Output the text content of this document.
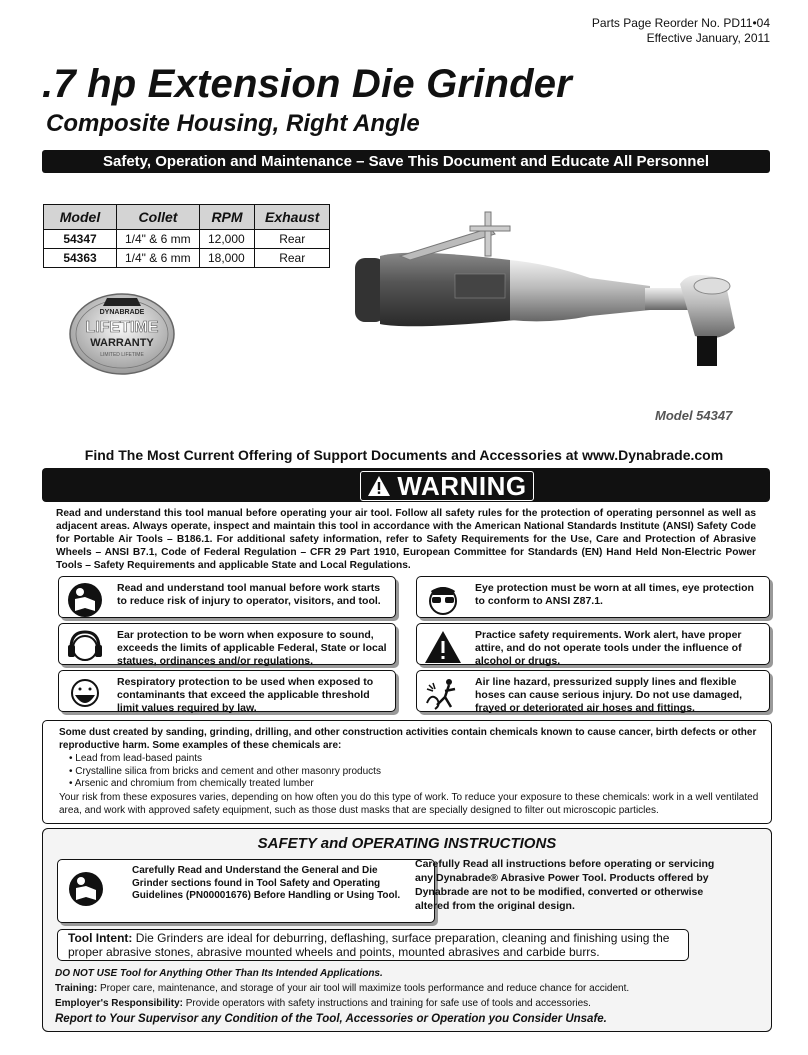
Parts Page Reorder No. PD11•04
Effective January, 2011
.7 hp Extension Die Grinder
Composite Housing, Right Angle
Safety, Operation and Maintenance – Save This Document and Educate All Personnel
Model	Collet	RPM	Exhaust
54347	1/4" & 6 mm	12,000	Rear
54363	1/4" & 6 mm	18,000	Rear
DYNABRADE
LIFETIME
WARRANTY
LIMITED LIFETIME
Model 54347
Find The Most Current Offering of Support Documents and Accessories at www.Dynabrade.com
WARNING
Read and understand this tool manual before operating your air tool. Follow all safety rules for the protection of operating personnel as well as adjacent areas. Always operate, inspect and maintain this tool in accordance with the American National Standards Institute (ANSI) Safety Code for Portable Air Tools – B186.1. For additional safety information, refer to Safety Requirements for the Use, Care and Protection of Abrasive Wheels – ANSI B7.1, Code of Federal Regulation – CFR 29 Part 1910, European Committee for Standards (EN) Hand Held Non-Electric Power Tools – Safety Requirements and applicable State and Local Regulations.
Read and understand tool manual before work starts to reduce risk of injury to operator, visitors, and tool.
Eye protection must be worn at all times, eye protection to conform to ANSI Z87.1.
Ear protection to be worn when exposure to sound, exceeds the limits of applicable Federal, State or local statues, ordinances and/or regulations.
Practice safety requirements. Work alert, have proper attire, and do not operate tools under the influence of alcohol or drugs.
Respiratory protection to be used when exposed to contaminants that exceed the applicable threshold limit values required by law.
Air line hazard, pressurized supply lines and flexible hoses can cause serious injury. Do not use damaged, frayed or deteriorated air hoses and fittings.
Some dust created by sanding, grinding, drilling, and other construction activities contain chemicals known to cause cancer, birth defects or other reproductive harm. Some examples of these chemicals are:
• Lead from lead-based paints
• Crystalline silica from bricks and cement and other masonry products
• Arsenic and chromium from chemically treated lumber
Your risk from these exposures varies, depending on how often you do this type of work. To reduce your exposure to these chemicals: work in a well ventilated area, and work with approved safety equipment, such as those dust masks that are specially designed to filter out microscopic particles.
SAFETY and OPERATING INSTRUCTIONS
Carefully Read and Understand the General and Die Grinder sections found in Tool Safety and Operating Guidelines (PN00001676) Before Handling or Using Tool.
Carefully Read all instructions before operating or servicing any Dynabrade® Abrasive Power Tool. Products offered by Dynabrade are not to be modified, converted or otherwise altered from the original design.
Tool Intent: Die Grinders are ideal for deburring, deflashing, surface preparation, cleaning and finishing using the proper abrasive stones, abrasive mounted wheels and points, mounted abrasives and carbide burrs.
DO NOT USE Tool for Anything Other Than Its Intended Applications.
Training: Proper care, maintenance, and storage of your air tool will maximize tools performance and reduce chance for accident.
Employer's Responsibility: Provide operators with safety instructions and training for safe use of tools and accessories.
Report to Your Supervisor any Condition of the Tool, Accessories or Operation you Consider Unsafe.
